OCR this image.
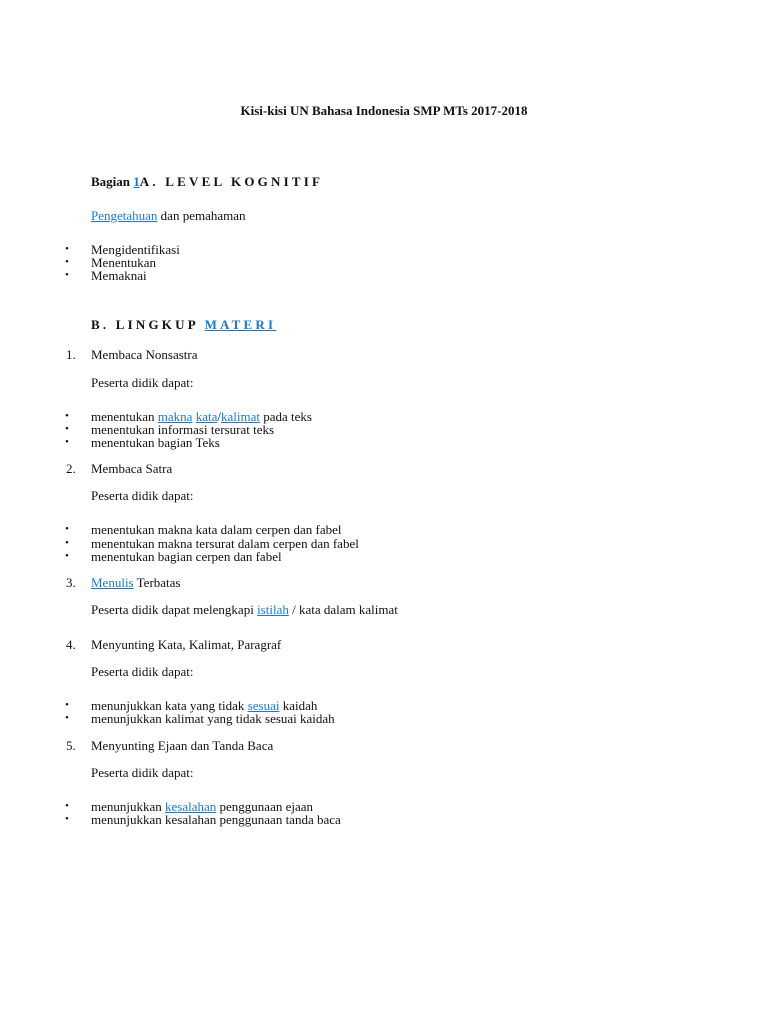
Kisi-kisi UN Bahasa Indonesia SMP MTs 2017-2018
Bagian 1A. LEVEL KOGNITIF
Pengetahuan dan pemahaman
• Mengidentifikasi
• Menentukan
• Memaknai
B. LINGKUP MATERI
1. Membaca Nonsastra
Peserta didik dapat:
• menentukan makna kata/kalimat pada teks
• menentukan informasi tersurat teks
• menentukan bagian Teks
2. Membaca Satra
Peserta didik dapat:
• menentukan makna kata dalam cerpen dan fabel
• menentukan makna tersurat dalam cerpen dan fabel
• menentukan bagian cerpen dan fabel
3. Menulis Terbatas
Peserta didik dapat melengkapi istilah / kata dalam kalimat
4. Menyunting Kata, Kalimat, Paragraf
Peserta didik dapat:
• menunjukkan kata yang tidak sesuai kaidah
• menunjukkan kalimat yang tidak sesuai kaidah
5. Menyunting Ejaan dan Tanda Baca
Peserta didik dapat:
• menunjukkan kesalahan penggunaan ejaan
• menunjukkan kesalahan penggunaan tanda baca
